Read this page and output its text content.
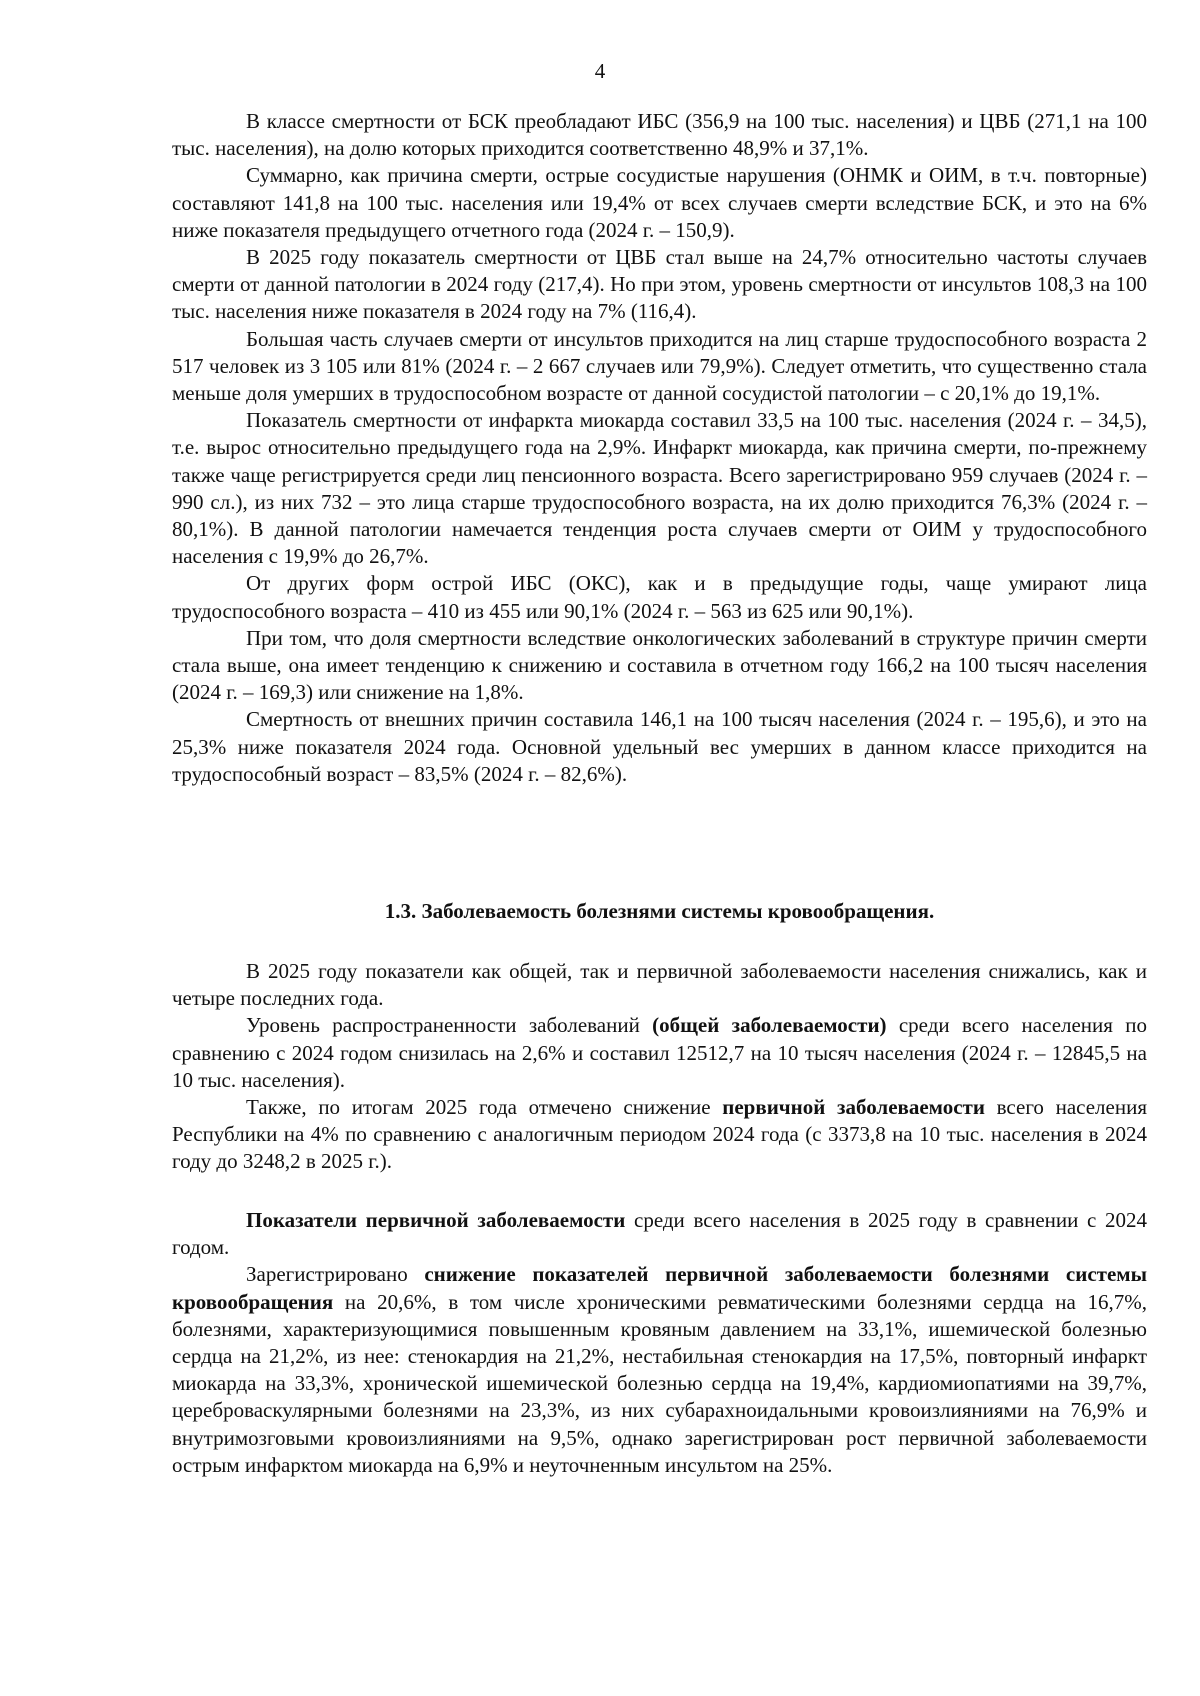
4

В классе смертности от БСК преобладают ИБС (356,9 на 100 тыс. населения) и ЦВБ (271,1 на 100 тыс. населения), на долю которых приходится соответственно 48,9% и 37,1%.

Суммарно, как причина смерти, острые сосудистые нарушения (ОНМК и ОИМ, в т.ч. повторные) составляют 141,8 на 100 тыс. населения или 19,4% от всех случаев смерти вследствие БСК, и это на 6% ниже показателя предыдущего отчетного года (2024 г. – 150,9).

В 2025 году показатель смертности от ЦВБ стал выше на 24,7% относительно частоты случаев смерти от данной патологии в 2024 году (217,4). Но при этом, уровень смертности от инсультов 108,3 на 100 тыс. населения ниже показателя в 2024 году на 7% (116,4).

Большая часть случаев смерти от инсультов приходится на лиц старше трудоспособного возраста 2 517 человек из 3 105 или 81% (2024 г. – 2 667 случаев или 79,9%). Следует отметить, что существенно стала меньше доля умерших в трудоспособном возрасте от данной сосудистой патологии – с 20,1% до 19,1%.

Показатель смертности от инфаркта миокарда составил 33,5 на 100 тыс. населения (2024 г. – 34,5), т.е. вырос относительно предыдущего года на 2,9%. Инфаркт миокарда, как причина смерти, по-прежнему также чаще регистрируется среди лиц пенсионного возраста. Всего зарегистрировано 959 случаев (2024 г. – 990 сл.), из них 732 – это лица старше трудоспособного возраста, на их долю приходится 76,3% (2024 г. – 80,1%). В данной патологии намечается тенденция роста случаев смерти от ОИМ у трудоспособного населения с 19,9% до 26,7%.

От других форм острой ИБС (ОКС), как и в предыдущие годы, чаще умирают лица трудоспособного возраста – 410 из 455 или 90,1% (2024 г. – 563 из 625 или 90,1%).

При том, что доля смертности вследствие онкологических заболеваний в структуре причин смерти стала выше, она имеет тенденцию к снижению и составила в отчетном году 166,2 на 100 тысяч населения (2024 г. – 169,3) или снижение на 1,8%.

Смертность от внешних причин составила 146,1 на 100 тысяч населения (2024 г. – 195,6), и это на 25,3% ниже показателя 2024 года. Основной удельный вес умерших в данном классе приходится на трудоспособный возраст – 83,5% (2024 г. – 82,6%).

1.3. Заболеваемость болезнями системы кровообращения.

В 2025 году показатели как общей, так и первичной заболеваемости населения снижались, как и четыре последних года.

Уровень распространенности заболеваний (общей заболеваемости) среди всего населения по сравнению с 2024 годом снизилась на 2,6% и составил 12512,7 на 10 тысяч населения (2024 г. – 12845,5 на 10 тыс. населения).

Также, по итогам 2025 года отмечено снижение первичной заболеваемости всего населения Республики на 4% по сравнению с аналогичным периодом 2024 года (с 3373,8 на 10 тыс. населения в 2024 году до 3248,2 в 2025 г.).

Показатели первичной заболеваемости среди всего населения в 2025 году в сравнении с 2024 годом.

Зарегистрировано снижение показателей первичной заболеваемости болезнями системы кровообращения на 20,6%, в том числе хроническими ревматическими болезнями сердца на 16,7%, болезнями, характеризующимися повышенным кровяным давлением на 33,1%, ишемической болезнью сердца на 21,2%, из нее: стенокардия на 21,2%, нестабильная стенокардия на 17,5%, повторный инфаркт миокарда на 33,3%, хронической ишемической болезнью сердца на 19,4%, кардиомиопатиями на 39,7%, цереброваскулярными болезнями на 23,3%, из них субарахноидальными кровоизлияниями на 76,9% и внутримозговыми кровоизлияниями на 9,5%, однако зарегистрирован рост первичной заболеваемости острым инфарктом миокарда на 6,9% и неуточненным инсультом на 25%.
